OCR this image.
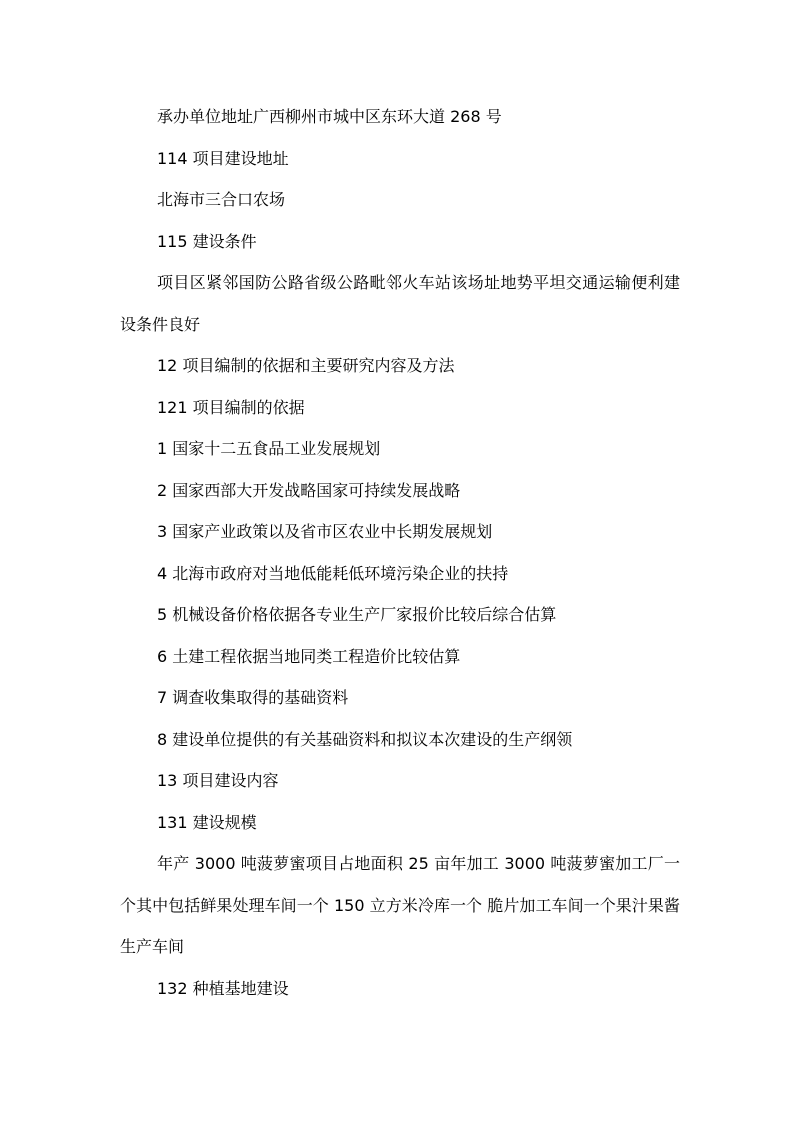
承办单位地址广西柳州市城中区东环大道 268 号

114 项目建设地址

北海市三合口农场

115 建设条件

项目区紧邻国防公路省级公路毗邻火车站该场址地势平坦交通运输便利建设条件良好

12 项目编制的依据和主要研究内容及方法

121 项目编制的依据

1 国家十二五食品工业发展规划

2 国家西部大开发战略国家可持续发展战略

3 国家产业政策以及省市区农业中长期发展规划

4 北海市政府对当地低能耗低环境污染企业的扶持

5 机械设备价格依据各专业生产厂家报价比较后综合估算

6 土建工程依据当地同类工程造价比较估算

7 调查收集取得的基础资料

8 建设单位提供的有关基础资料和拟议本次建设的生产纲领

13 项目建设内容

131 建设规模

年产 3000 吨菠萝蜜项目占地面积 25 亩年加工 3000 吨菠萝蜜加工厂一个其中包括鲜果处理车间一个 150 立方米冷库一个 脆片加工车间一个果汁果酱生产车间

132 种植基地建设
